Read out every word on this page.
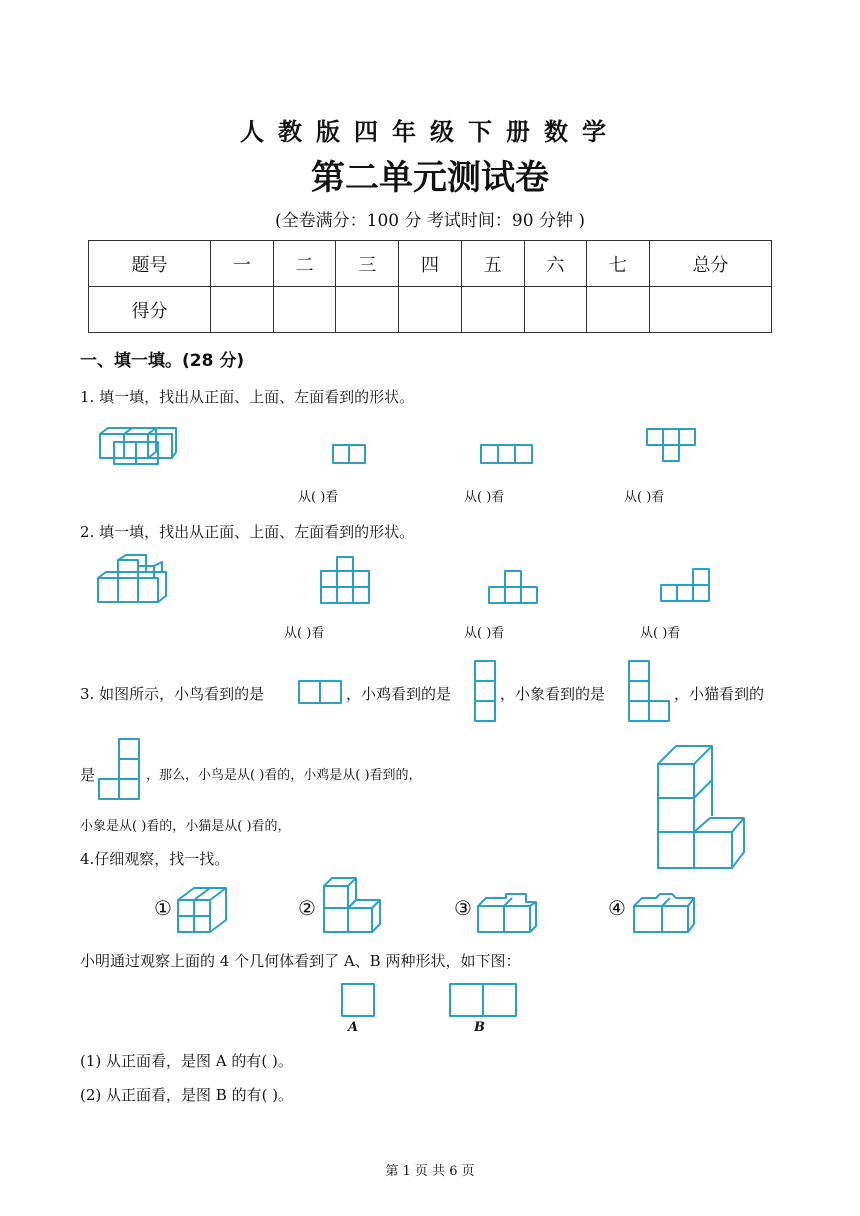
人教版四年级下册数学
第二单元测试卷
(全卷满分：100 分 考试时间：90 分钟 )
题号	一	二	三	四	五	六	七	总分
得分								
一、填一填。(28 分)
1. 填一填，找出从正面、上面、左面看到的形状。
从( )看	从( )看	从( )看
2. 填一填，找出从正面、上面、左面看到的形状。
从( )看	从( )看	从( )看
3. 如图所示，小鸟看到的是	，小鸡看到的是	，小象看到的是	，小猫看到的
是	，那么，小鸟是从( )看的，小鸡是从( )看到的，
小象是从( )看的，小猫是从( )看的，
4.仔细观察，找一找。
①	②	③	④
小明通过观察上面的 4 个几何体看到了 A、B 两种形状，如下图：
A	B
(1) 从正面看，是图 A 的有( )。
(2) 从正面看，是图 B 的有( )。
第 1 页 共 6 页
